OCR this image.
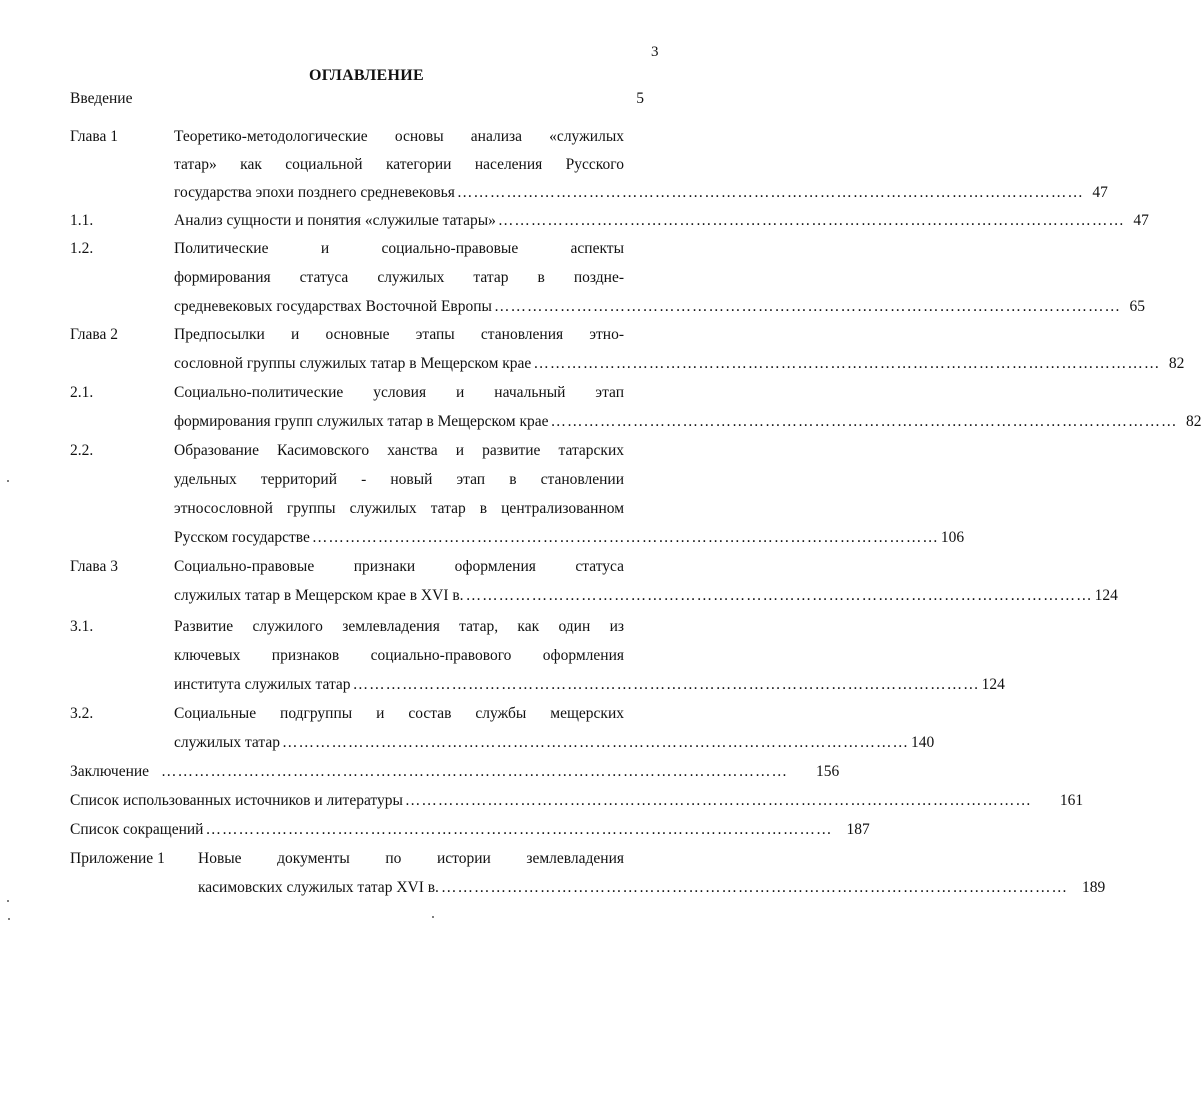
3
ОГЛАВЛЕНИЕ
Введение	5
Глава 1	Теоретико-методологические основы анализа «служилых
татар» как социальной категории населения Русского
государства эпохи позднего средневековья …………………………………………………………………………………………………… 47
1.1.	Анализ сущности и понятия «служилые татары» …………………………………………………………………………………………………… 47
1.2.	Политические и социально-правовые аспекты
формирования статуса служилых татар в поздне-
средневековых государствах Восточной Европы …………………………………………………………………………………………………… 65
Глава 2	Предпосылки и основные этапы становления этно-
сословной группы служилых татар в Мещерском крае …………………………………………………………………………………………………… 82
2.1.	Социально-политические условия и начальный этап
формирования групп служилых татар в Мещерском крае …………………………………………………………………………………………………… 82
2.2.	Образование Касимовского ханства и развитие татарских
удельных территорий - новый этап в становлении
этносословной группы служилых татар в централизованном
Русском государстве …………………………………………………………………………………………………… 106
Глава 3	Социально-правовые признаки оформления статуса
служилых татар в Мещерском крае в XVI в. …………………………………………………………………………………………………… 124
3.1.	Развитие служилого землевладения татар, как один из
ключевых признаков социально-правового оформления
института служилых татар …………………………………………………………………………………………………… 124
3.2.	Социальные подгруппы и состав службы мещерских
служилых татар …………………………………………………………………………………………………… 140
Заключение …………………………………………………………………………………………………… 156
Список использованных источников и литературы …………………………………………………………………………………………………… 161
Список сокращений …………………………………………………………………………………………………… 187
Приложение 1 Новые документы по истории землевладения
касимовских служилых татар XVI в. …………………………………………………………………………………………………… 189
